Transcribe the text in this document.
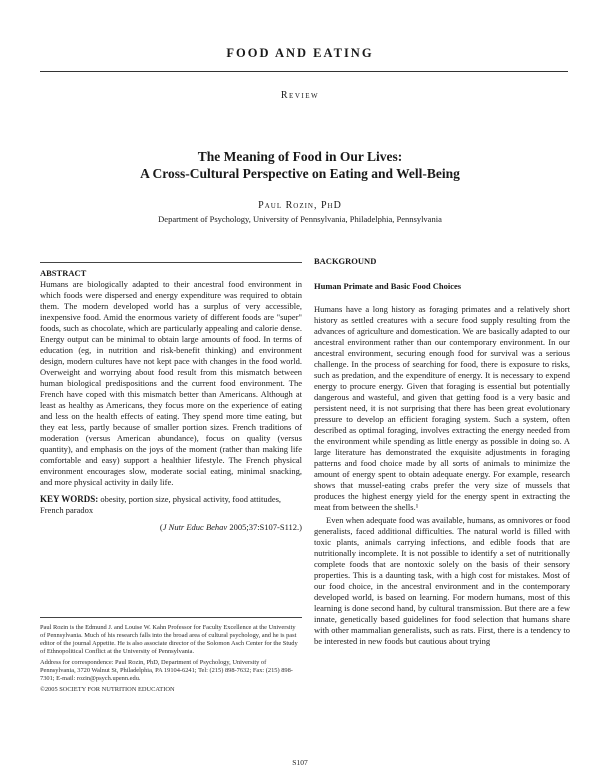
FOOD AND EATING
Review
The Meaning of Food in Our Lives:
A Cross-Cultural Perspective on Eating and Well-Being
Paul Rozin, PhD
Department of Psychology, University of Pennsylvania, Philadelphia, Pennsylvania

ABSTRACT

Humans are biologically adapted to their ancestral food environment in which foods were dispersed and energy expenditure was required to obtain them. The modern developed world has a surplus of very accessible, inexpensive food. Amid the enormous variety of different foods are "super" foods, such as chocolate, which are particularly appealing and calorie dense. Energy output can be minimal to obtain large amounts of food. In terms of education (eg, in nutrition and risk-benefit thinking) and environment design, modern cultures have not kept pace with changes in the food world. Overweight and worrying about food result from this mismatch between human biological predispositions and the current food environment. The French have coped with this mismatch better than Americans. Although at least as healthy as Americans, they focus more on the experience of eating and less on the health effects of eating. They spend more time eating, but they eat less, partly because of smaller portion sizes. French traditions of moderation (versus American abundance), focus on quality (versus quantity), and emphasis on the joys of the moment (rather than making life comfortable and easy) support a healthier lifestyle. The French physical environment encourages slow, moderate social eating, minimal snacking, and more physical activity in daily life.

KEY WORDS: obesity, portion size, physical activity, food attitudes, French paradox
(J Nutr Educ Behav 2005;37:S107-S112.)

Paul Rozin is the Edmund J. and Louise W. Kahn Professor for Faculty Excellence at the University of Pennsylvania. Much of his research falls into the broad area of cultural psychology, and he is past editor of the journal Appetite. He is also associate director of the Solomon Asch Center for the Study of Ethnopolitical Conflict at the University of Pennsylvania.

Address for correspondence: Paul Rozin, PhD, Department of Psychology, University of Pennsylvania, 3720 Walnut St, Philadelphia, PA 19104-6241; Tel: (215) 898-7632; Fax: (215) 898-7301; E-mail: rozin@psych.upenn.edu.

©2005 SOCIETY FOR NUTRITION EDUCATION

BACKGROUND

Human Primate and Basic Food Choices

Humans have a long history as foraging primates and a relatively short history as settled creatures with a secure food supply resulting from the advances of agriculture and domestication. We are basically adapted to our ancestral environment rather than our contemporary environment. In our ancestral environment, securing enough food for survival was a serious challenge. In the process of searching for food, there is exposure to risks, such as predation, and the expenditure of energy. It is necessary to expend energy to procure energy. Given that foraging is essential but potentially dangerous and wasteful, and given that getting food is a very basic and persistent need, it is not surprising that there has been great evolutionary pressure to develop an efficient foraging system. Such a system, often described as optimal foraging, involves extracting the energy needed from the environment while spending as little energy as possible in doing so. A large literature has demonstrated the exquisite adjustments in foraging patterns and food choice made by all sorts of animals to minimize the amount of energy spent to obtain adequate energy. For example, research shows that mussel-eating crabs prefer the very size of mussels that produces the highest energy yield for the energy spent in extracting the meat from between the shells.¹

Even when adequate food was available, humans, as omnivores or food generalists, faced additional difficulties. The natural world is filled with toxic plants, animals carrying infections, and edible foods that are nutritionally incomplete. It is not possible to identify a set of nutritionally complete foods that are nontoxic solely on the basis of their sensory properties. This is a daunting task, with a high cost for mistakes. Most of our food choice, in the ancestral environment and in the contemporary developed world, is based on learning. For modern humans, most of this learning is done second hand, by cultural transmission. But there are a few innate, genetically based guidelines for food selection that humans share with other mammalian generalists, such as rats. First, there is a tendency to be interested in new foods but cautious about trying

S107
